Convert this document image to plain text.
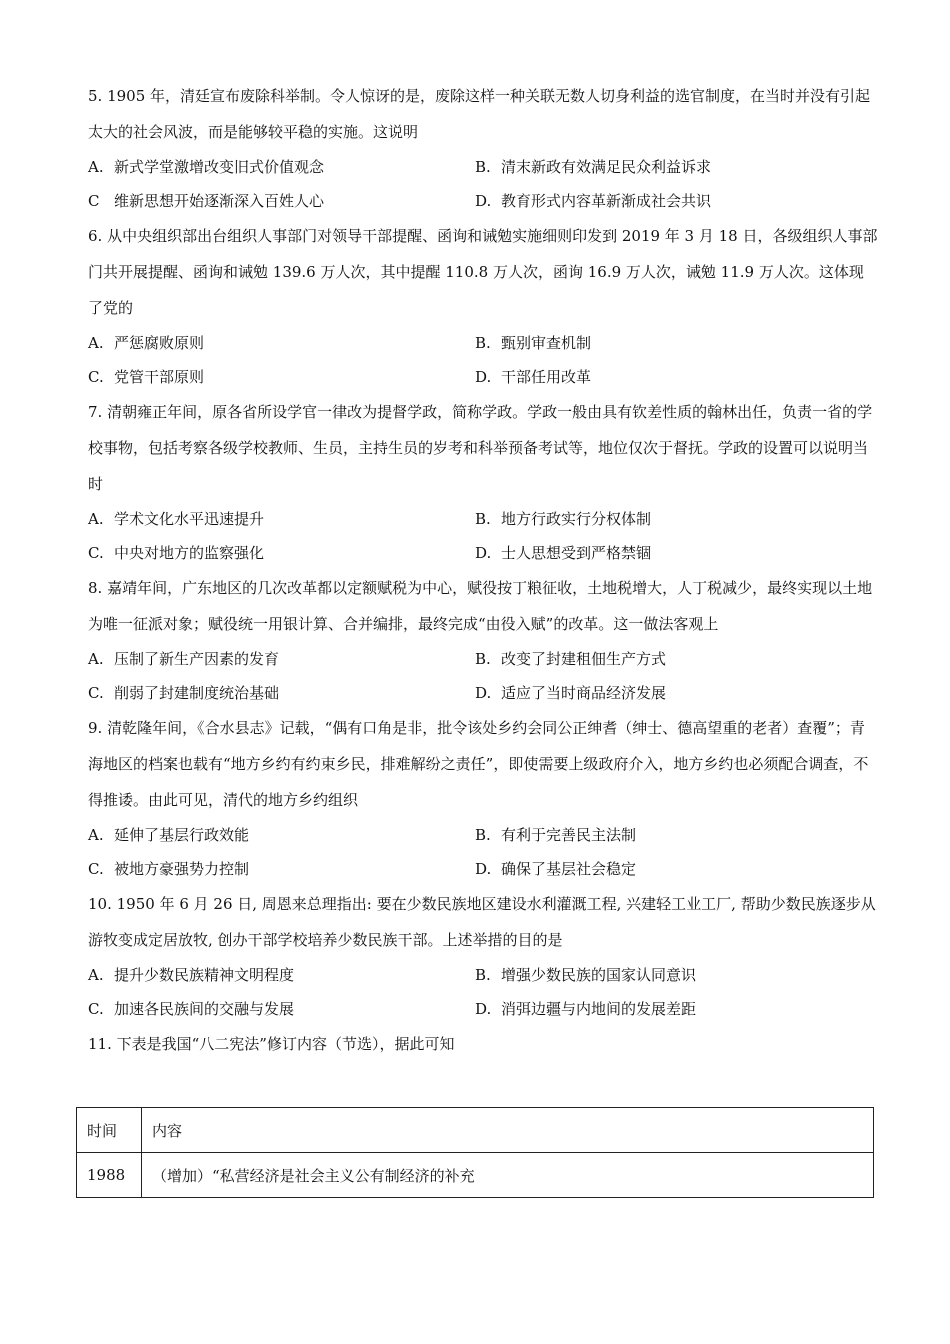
5. 1905 年，清廷宣布废除科举制。令人惊讶的是，废除这样一种关联无数人切身利益的选官制度，在当时并没有引起太大的社会风波，而是能够较平稳的实施。这说明

A. 新式学堂激增改变旧式价值观念	B. 清末新政有效满足民众利益诉求
C 维新思想开始逐渐深入百姓人心	D. 教育形式内容革新渐成社会共识

6. 从中央组织部出台组织人事部门对领导干部提醒、函询和诫勉实施细则印发到 2019 年 3 月 18 日，各级组织人事部门共开展提醒、函询和诫勉 139.6 万人次，其中提醒 110.8 万人次，函询 16.9 万人次，诫勉 11.9 万人次。这体现了党的

A. 严惩腐败原则	B. 甄别审查机制
C. 党管干部原则	D. 干部任用改革

7. 清朝雍正年间，原各省所设学官一律改为提督学政，简称学政。学政一般由具有钦差性质的翰林出任，负责一省的学校事物，包括考察各级学校教师、生员，主持生员的岁考和科举预备考试等，地位仅次于督抚。学政的设置可以说明当时

A. 学术文化水平迅速提升	B. 地方行政实行分权体制
C. 中央对地方的监察强化	D. 士人思想受到严格禁锢

8. 嘉靖年间，广东地区的几次改革都以定额赋税为中心，赋役按丁粮征收，土地税增大，人丁税减少，最终实现以土地为唯一征派对象；赋役统一用银计算、合并编排，最终完成“由役入赋”的改革。这一做法客观上

A. 压制了新生产因素的发育	B. 改变了封建租佃生产方式
C. 削弱了封建制度统治基础	D. 适应了当时商品经济发展

9. 清乾隆年间，《合水县志》记载，“偶有口角是非，批令该处乡约会同公正绅耆（绅士、德高望重的老者）查覆”；青海地区的档案也载有“地方乡约有约束乡民，排难解纷之责任”，即使需要上级政府介入，地方乡约也必须配合调查，不得推诿。由此可见，清代的地方乡约组织

A. 延伸了基层行政效能	B. 有利于完善民主法制
C. 被地方豪强势力控制	D. 确保了基层社会稳定

10. 1950 年 6 月 26 日, 周恩来总理指出: 要在少数民族地区建设水利灌溉工程, 兴建轻工业工厂, 帮助少数民族逐步从游牧变成定居放牧, 创办干部学校培养少数民族干部。上述举措的目的是

A. 提升少数民族精神文明程度	B. 增强少数民族的国家认同意识
C. 加速各民族间的交融与发展	D. 消弭边疆与内地间的发展差距

11. 下表是我国“八二宪法”修订内容（节选），据此可知

时间	内容
1988	（增加）“私营经济是社会主义公有制经济的补充
